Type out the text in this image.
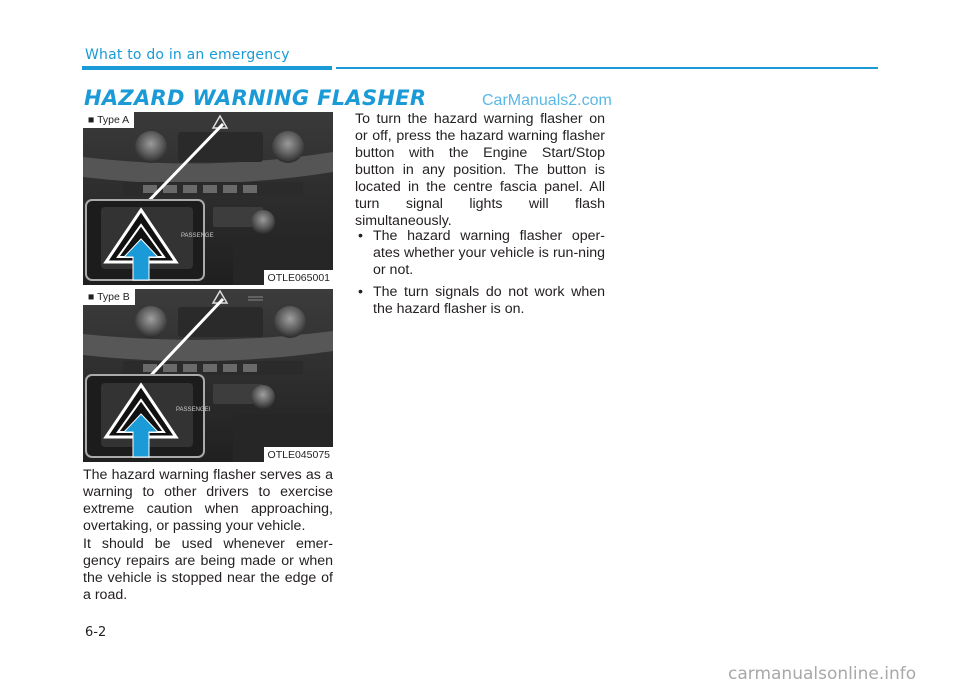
What to do in an emergency
HAZARD WARNING FLASHER	CarManuals2.com
PASSENGE
■ Type A
OTLE065001
PASSENGEI
■ Type B
OTLE045075

The hazard warning flasher serves as a warning to other drivers to exercise extreme caution when approaching, overtaking, or passing your vehicle.

It should be used whenever emer-gency repairs are being made or when the vehicle is stopped near the edge of a road.

To turn the hazard warning flasher on or off, press the hazard warning flasher button with the Engine Start/Stop button in any position. The button is located in the centre fascia panel. All turn signal lights will flash simultaneously.

• The hazard warning flasher oper-ates whether your vehicle is run-ning or not.
• The turn signals do not work when the hazard flasher is on.
6-2
carmanualsonline.info
